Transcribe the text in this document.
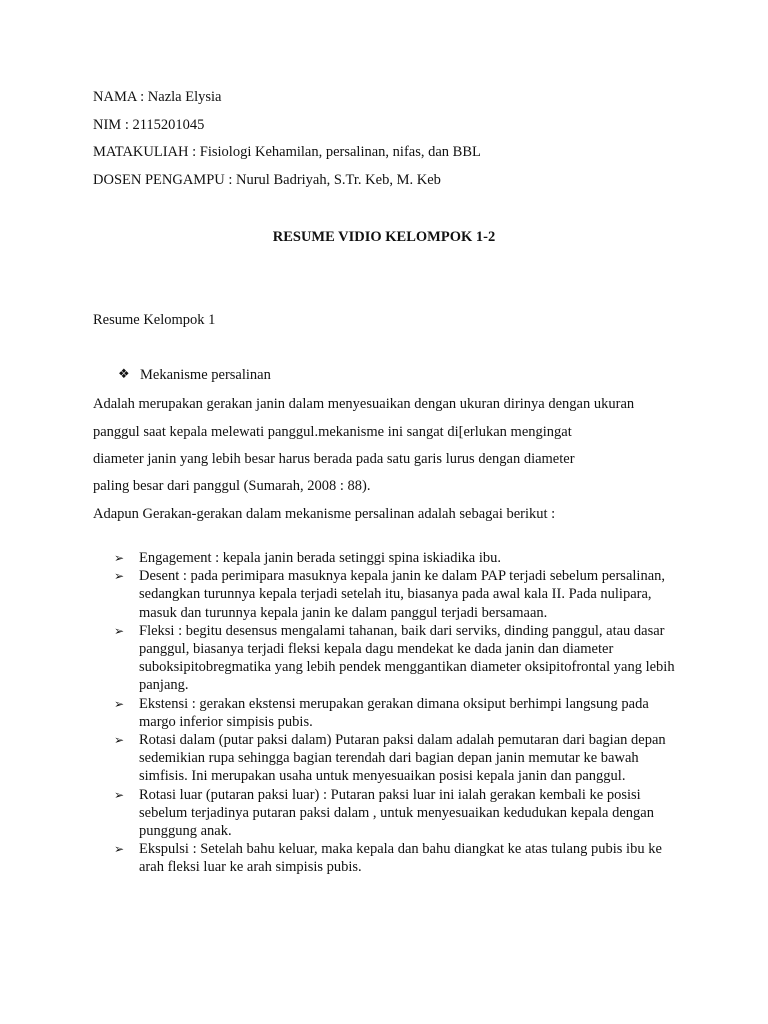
NAMA : Nazla Elysia

NIM : 2115201045

MATAKULIAH : Fisiologi Kehamilan, persalinan, nifas, dan BBL

DOSEN PENGAMPU : Nurul Badriyah, S.Tr. Keb, M. Keb

RESUME VIDIO KELOMPOK 1-2

Resume Kelompok 1

❖ Mekanisme persalinan

Adalah merupakan gerakan janin dalam menyesuaikan dengan ukuran dirinya dengan ukuran

panggul saat kepala melewati panggul.mekanisme ini sangat di[erlukan mengingat

diameter janin yang lebih besar harus berada pada satu garis lurus dengan diameter

paling besar dari panggul (Sumarah, 2008 : 88).

Adapun Gerakan-gerakan dalam mekanisme persalinan adalah sebagai berikut :

➢ Engagement : kepala janin berada setinggi spina iskiadika ibu.
➢ Desent : pada perimipara masuknya kepala janin ke dalam PAP terjadi sebelum persalinan, sedangkan turunnya kepala terjadi setelah itu, biasanya pada awal kala II. Pada nulipara, masuk dan turunnya kepala janin ke dalam panggul terjadi bersamaan.
➢ Fleksi : begitu desensus mengalami tahanan, baik dari serviks, dinding panggul, atau dasar panggul, biasanya terjadi fleksi kepala dagu mendekat ke dada janin dan diameter suboksipitobregmatika yang lebih pendek menggantikan diameter oksipitofrontal yang lebih panjang.
➢ Ekstensi : gerakan ekstensi merupakan gerakan dimana oksiput berhimpi langsung pada margo inferior simpisis pubis.
➢ Rotasi dalam (putar paksi dalam) Putaran paksi dalam adalah pemutaran dari bagian depan sedemikian rupa sehingga bagian terendah dari bagian depan janin memutar ke bawah simfisis. Ini merupakan usaha untuk menyesuaikan posisi kepala janin dan panggul.
➢ Rotasi luar (putaran paksi luar) : Putaran paksi luar ini ialah gerakan kembali ke posisi sebelum terjadinya putaran paksi dalam , untuk menyesuaikan kedudukan kepala dengan punggung anak.
➢ Ekspulsi : Setelah bahu keluar, maka kepala dan bahu diangkat ke atas tulang pubis ibu ke arah fleksi luar ke arah simpisis pubis.
